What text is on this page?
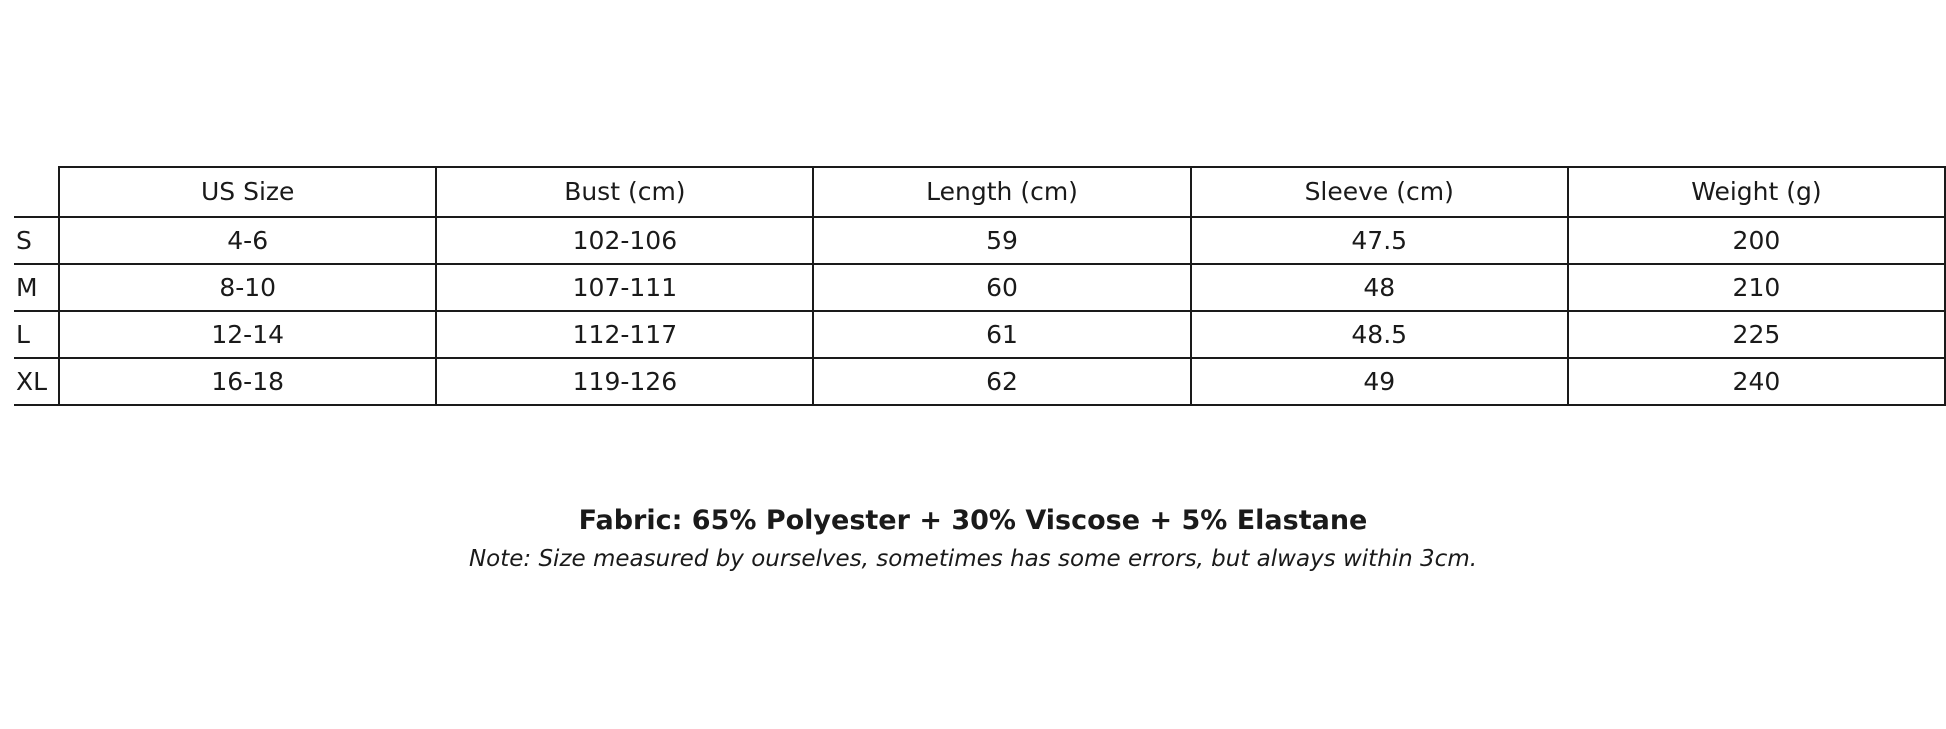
	US Size	Bust (cm)	Length (cm)	Sleeve (cm)	Weight (g)
S	4-6	102-106	59	47.5	200
M	8-10	107-111	60	48	210
L	12-14	112-117	61	48.5	225
XL	16-18	119-126	62	49	240
Fabric: 65% Polyester + 30% Viscose + 5% Elastane
Note: Size measured by ourselves, sometimes has some errors, but always within 3cm.
